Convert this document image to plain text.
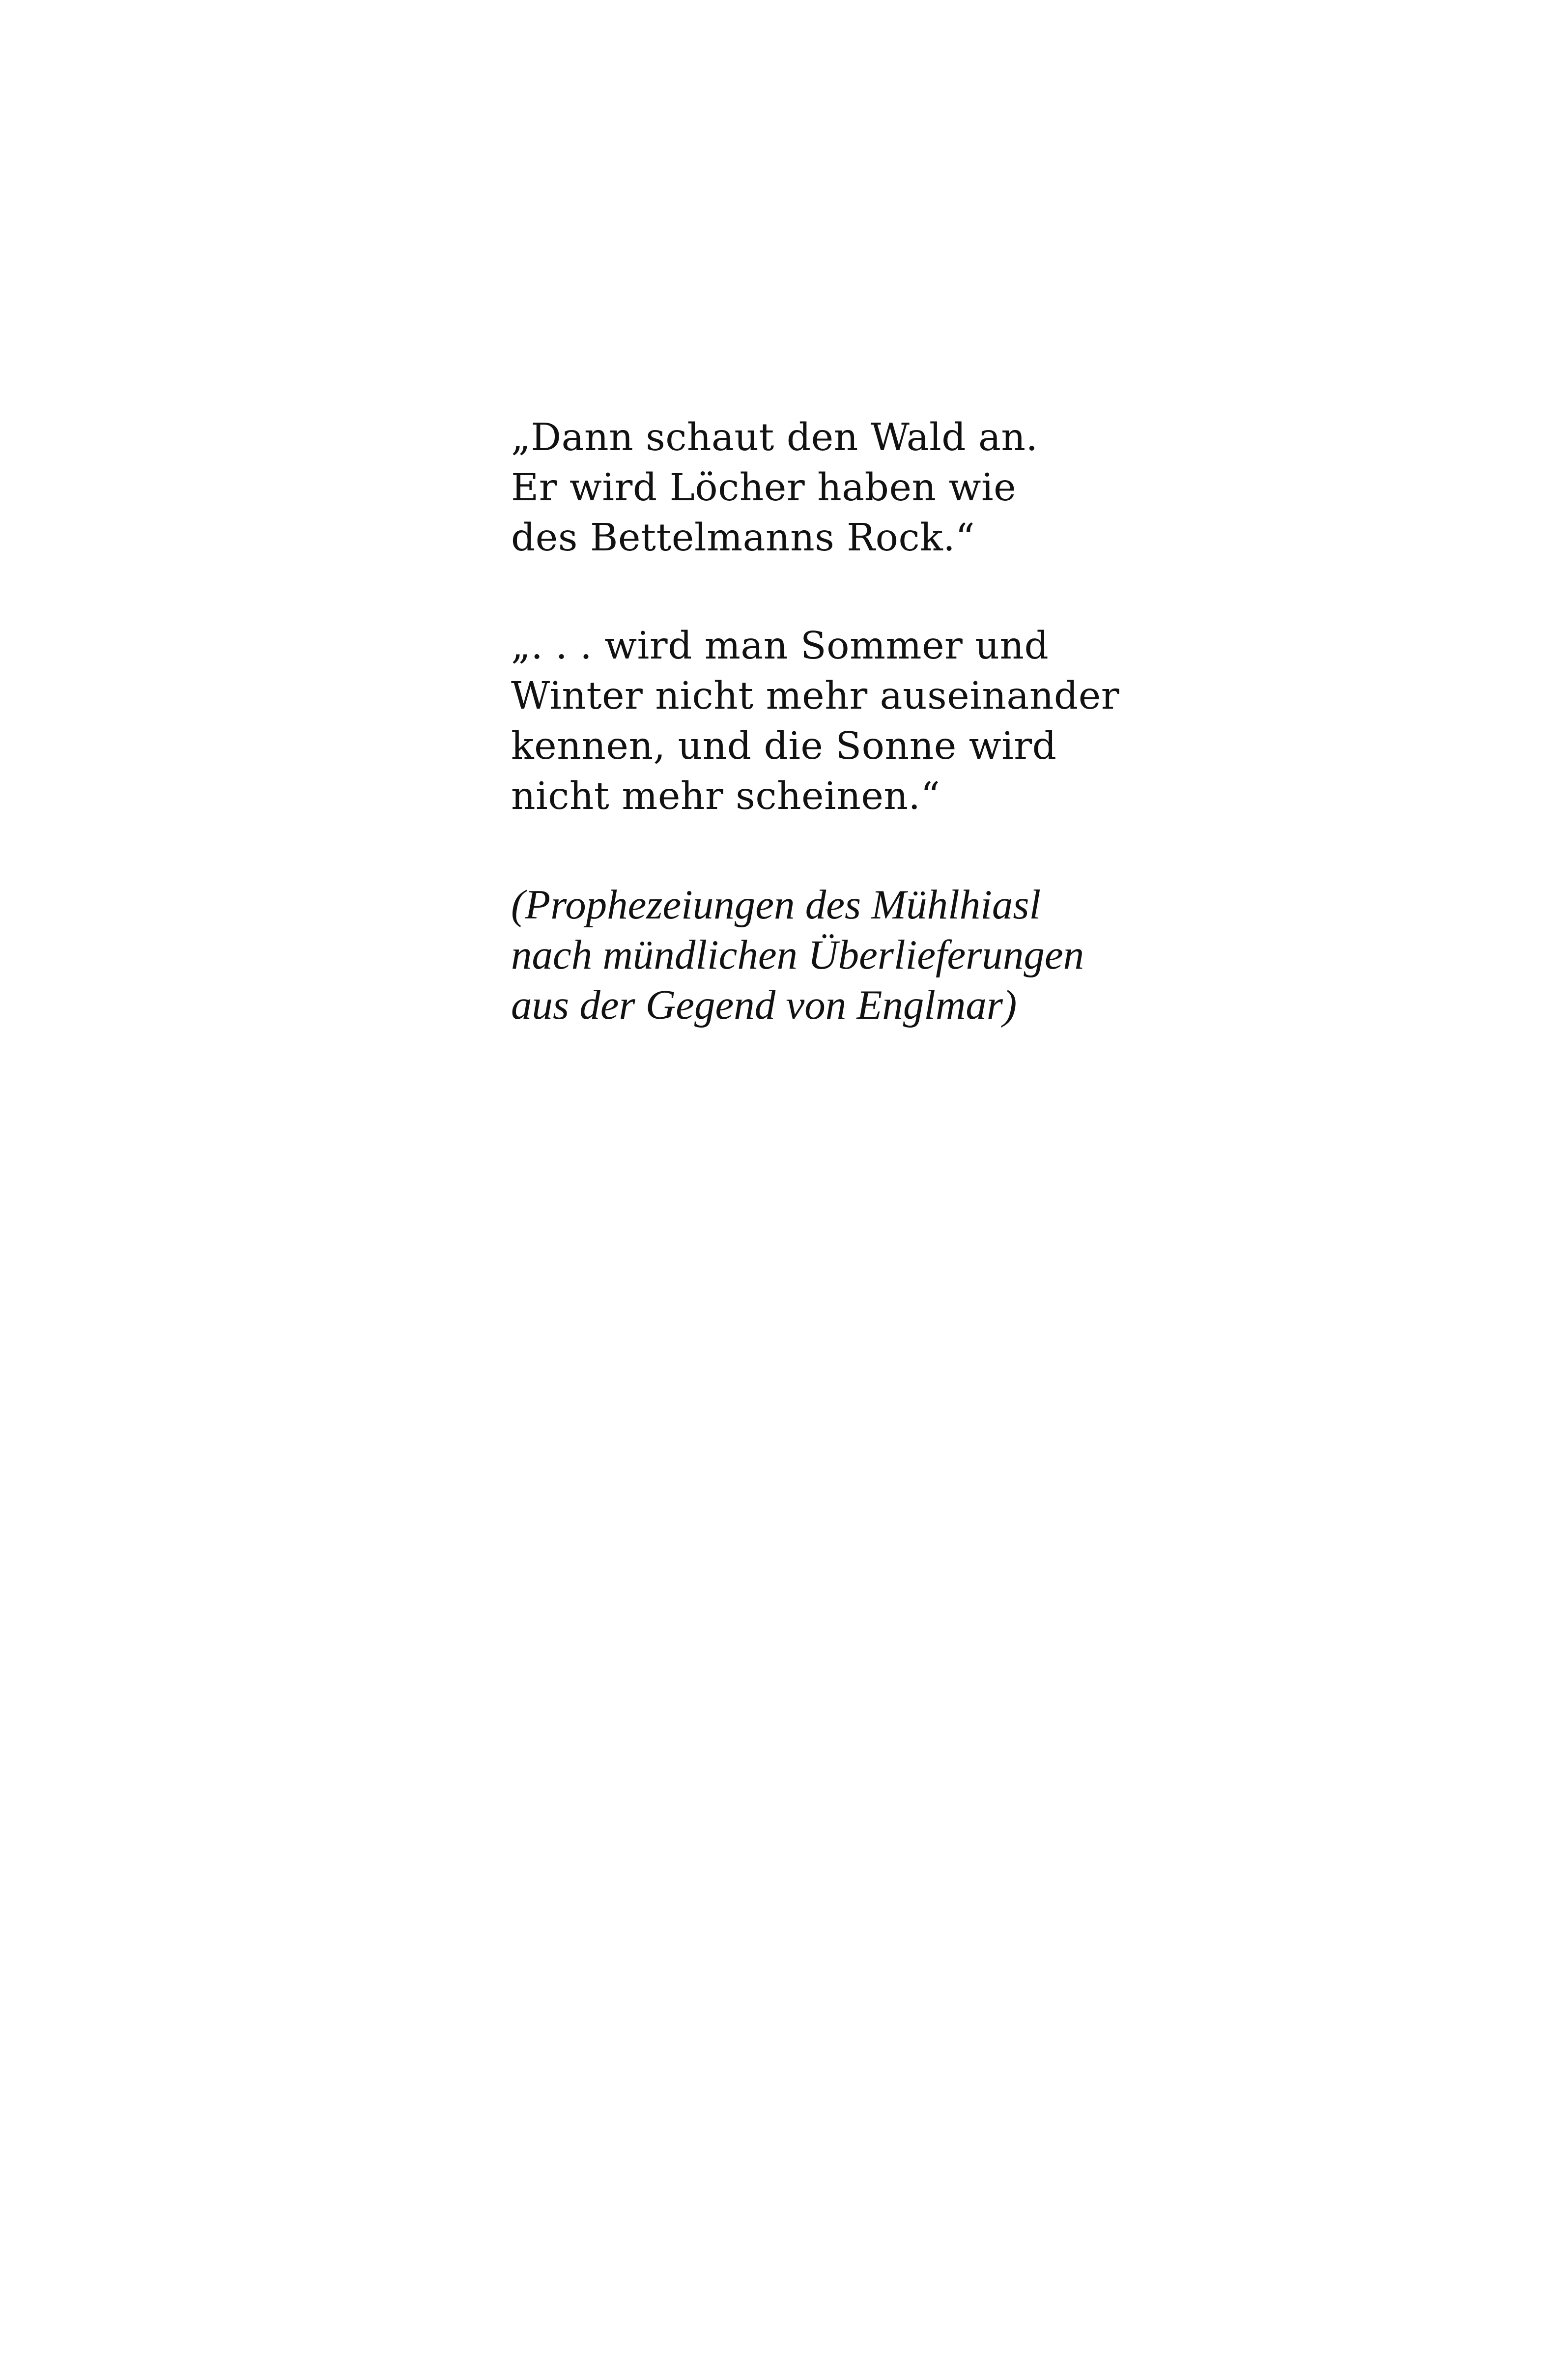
„Dann schaut den Wald an.
Er wird Löcher haben wie
des Bettelmanns Rock.“
„. . . wird man Sommer und
Winter nicht mehr auseinander
kennen, und die Sonne wird
nicht mehr scheinen.“
(Prophezeiungen des Mühlhiasl
nach mündlichen Überlieferungen
aus der Gegend von Englmar)
